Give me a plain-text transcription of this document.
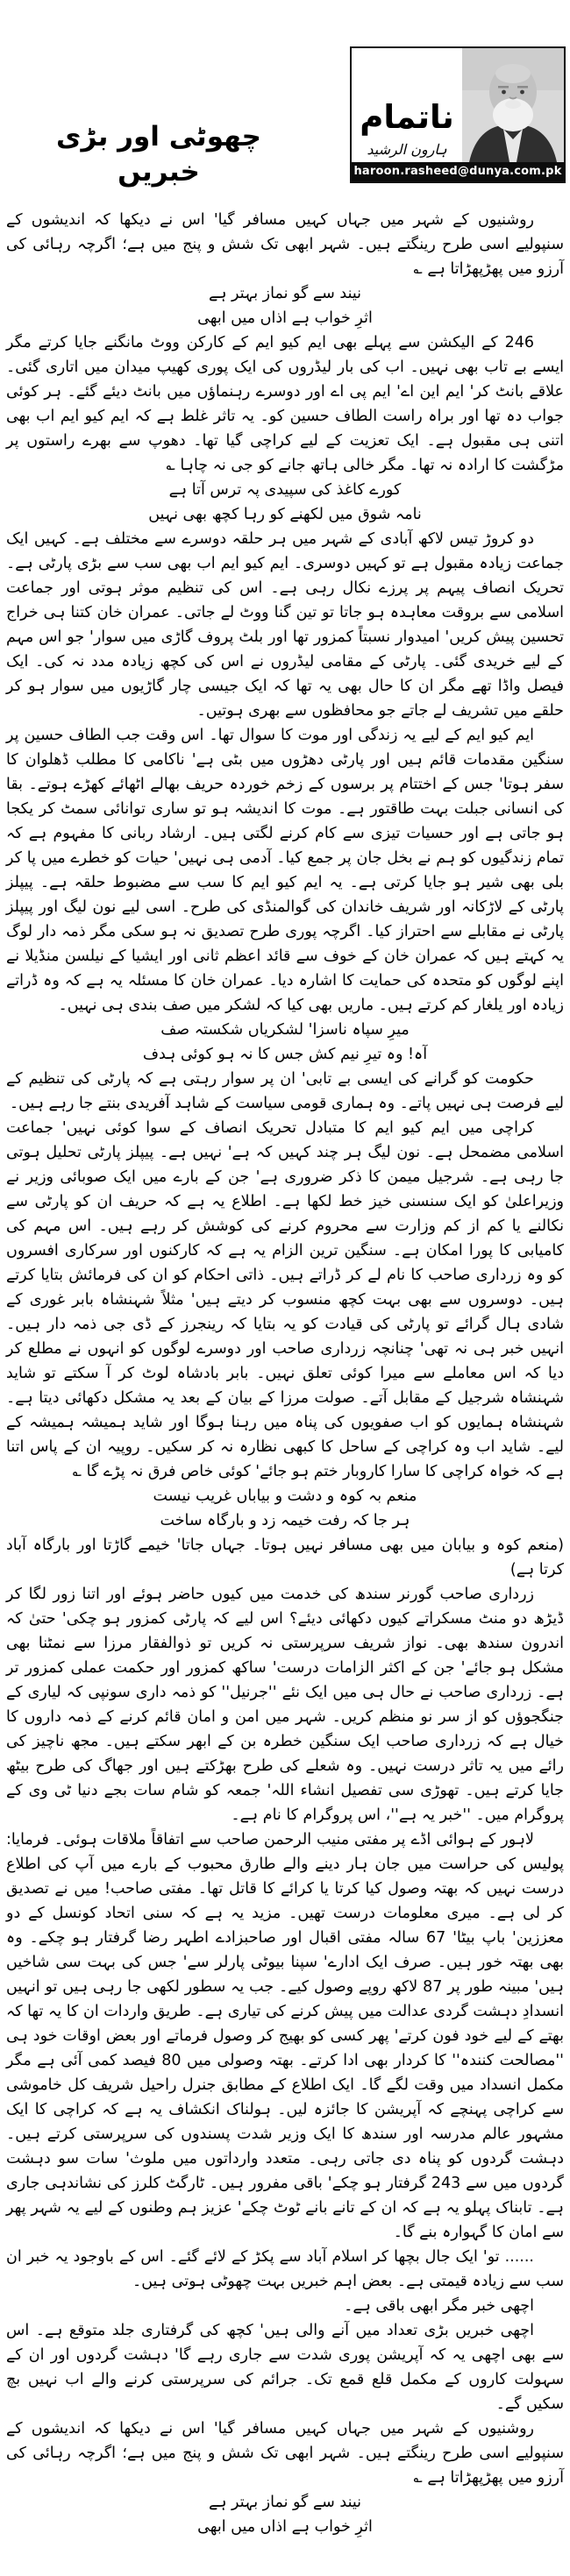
چھوٹی اور بڑی خبریں
ناتمام
ہارون الرشید
haroon.rasheed@dunya.com.pk

روشنیوں کے شہر میں جہاں کہیں مسافر گیا' اس نے دیکھا کہ اندیشوں کے سنپولیے اسی طرح رینگتے ہیں۔ شہر ابھی تک شش و پنج میں ہے؛ اگرچہ رہائی کی آرزو میں پھڑپھڑاتا ہے ؎

نیند سے گو نماز بہتر ہے
اثرِ خواب ہے اذاں میں ابھی

246 کے الیکشن سے پہلے بھی ایم کیو ایم کے کارکن ووٹ مانگنے جایا کرتے مگر ایسے بے تاب بھی نہیں۔ اب کی بار لیڈروں کی ایک پوری کھیپ میدان میں اتاری گئی۔ علاقے بانٹ کر' ایم این اے' ایم پی اے اور دوسرے رہنماؤں میں بانٹ دیئے گئے۔ ہر کوئی جواب دہ تھا اور براہ راست الطاف حسین کو۔ یہ تاثر غلط ہے کہ ایم کیو ایم اب بھی اتنی ہی مقبول ہے۔ ایک تعزیت کے لیے کراچی گیا تھا۔ دھوپ سے بھرے راستوں پر مڑگشت کا ارادہ نہ تھا۔ مگر خالی ہاتھ جانے کو جی نہ چاہا ؎

کورے کاغذ کی سپیدی پہ ترس آتا ہے
نامہ شوق میں لکھنے کو رہا کچھ بھی نہیں

دو کروڑ تیس لاکھ آبادی کے شہر میں ہر حلقہ دوسرے سے مختلف ہے۔ کہیں ایک جماعت زیادہ مقبول ہے تو کہیں دوسری۔ ایم کیو ایم اب بھی سب سے بڑی پارٹی ہے۔ تحریک انصاف پیہم پر پرزے نکال رہی ہے۔ اس کی تنظیم موثر ہوتی اور جماعت اسلامی سے بروقت معاہدہ ہو جاتا تو تین گنا ووٹ لے جاتی۔ عمران خان کتنا ہی خراج تحسین پیش کریں' امیدوار نسبتاً کمزور تھا اور بلٹ پروف گاڑی میں سوار' جو اس مہم کے لیے خریدی گئی۔ پارٹی کے مقامی لیڈروں نے اس کی کچھ زیادہ مدد نہ کی۔ ایک فیصل واڈا تھے مگر ان کا حال بھی یہ تھا کہ ایک جیسی چار گاڑیوں میں سوار ہو کر حلقے میں تشریف لے جاتے جو محافظوں سے بھری ہوتیں۔

ایم کیو ایم کے لیے یہ زندگی اور موت کا سوال تھا۔ اس وقت جب الطاف حسین پر سنگین مقدمات قائم ہیں اور پارٹی دھڑوں میں بٹی ہے' ناکامی کا مطلب ڈھلوان کا سفر ہوتا' جس کے اختتام پر برسوں کے زخم خوردہ حریف بھالے اٹھائے کھڑے ہوتے۔ بقا کی انسانی جبلت بہت طاقتور ہے۔ موت کا اندیشہ ہو تو ساری توانائی سمٹ کر یکجا ہو جاتی ہے اور حسیات تیزی سے کام کرنے لگتی ہیں۔ ارشاد ربانی کا مفہوم ہے کہ تمام زندگیوں کو ہم نے بخل جان پر جمع کیا۔ آدمی ہی نہیں' حیات کو خطرے میں پا کر بلی بھی شیر ہو جایا کرتی ہے۔ یہ ایم کیو ایم کا سب سے مضبوط حلقہ ہے۔ پیپلز پارٹی کے لاڑکانہ اور شریف خاندان کی گوالمنڈی کی طرح۔ اسی لیے نون لیگ اور پیپلز پارٹی نے مقابلے سے احتراز کیا۔ اگرچہ پوری طرح تصدیق نہ ہو سکی مگر ذمہ دار لوگ یہ کہتے ہیں کہ عمران خان کے خوف سے قائد اعظم ثانی اور ایشیا کے نیلسن منڈیلا نے اپنے لوگوں کو متحدہ کی حمایت کا اشارہ دیا۔ عمران خان کا مسئلہ یہ ہے کہ وہ ڈراتے زیادہ اور یلغار کم کرتے ہیں۔ ماریں بھی کیا کہ لشکر میں صف بندی ہی نہیں۔

میرِ سپاہ ناسزا' لشکریاں شکستہ صف
آہ! وہ تیرِ نیم کش جس کا نہ ہو کوئی ہدف

حکومت کو گرانے کی ایسی بے تابی' ان پر سوار رہتی ہے کہ پارٹی کی تنظیم کے لیے فرصت ہی نہیں پاتے۔ وہ ہماری قومی سیاست کے شاہد آفریدی بنتے جا رہے ہیں۔

کراچی میں ایم کیو ایم کا متبادل تحریک انصاف کے سوا کوئی نہیں' جماعت اسلامی مضمحل ہے۔ نون لیگ ہر چند کہیں کہ ہے' نہیں ہے۔ پیپلز پارٹی تحلیل ہوتی جا رہی ہے۔ شرجیل میمن کا ذکر ضروری ہے' جن کے بارے میں ایک صوبائی وزیر نے وزیراعلیٰ کو ایک سنسنی خیز خط لکھا ہے۔ اطلاع یہ ہے کہ حریف ان کو پارٹی سے نکالنے یا کم از کم وزارت سے محروم کرنے کی کوشش کر رہے ہیں۔ اس مہم کی کامیابی کا پورا امکان ہے۔ سنگین ترین الزام یہ ہے کہ کارکنوں اور سرکاری افسروں کو وہ زرداری صاحب کا نام لے کر ڈراتے ہیں۔ ذاتی احکام کو ان کی فرمائش بتایا کرتے ہیں۔ دوسروں سے بھی بہت کچھ منسوب کر دیتے ہیں' مثلاً شہنشاہ بابر غوری کے شادی ہال گرائے تو پارٹی کی قیادت کو یہ بتایا کہ رینجرز کے ڈی جی ذمہ دار ہیں۔ انہیں خبر ہی نہ تھی' چنانچہ زرداری صاحب اور دوسرے لوگوں کو انہوں نے مطلع کر دیا کہ اس معاملے سے میرا کوئی تعلق نہیں۔ بابر بادشاہ لوٹ کر آ سکتے تو شاید شہنشاہ شرجیل کے مقابل آتے۔ صولت مرزا کے بیان کے بعد یہ مشکل دکھائی دیتا ہے۔ شہنشاہ ہمایوں کو اب صفویوں کی پناہ میں رہنا ہوگا اور شاید ہمیشہ ہمیشہ کے لیے۔ شاید اب وہ کراچی کے ساحل کا کبھی نظارہ نہ کر سکیں۔ روپیہ ان کے پاس اتنا ہے کہ خواہ کراچی کا سارا کاروبار ختم ہو جائے' کوئی خاص فرق نہ پڑے گا ؎

منعم بہ کوہ و دشت و بیاباں غریب نیست
ہر جا کہ رفت خیمہ زد و بارگاہ ساخت

(منعم کوہ و بیابان میں بھی مسافر نہیں ہوتا۔ جہاں جاتا' خیمے گاڑتا اور بارگاہ آباد کرتا ہے)

زرداری صاحب گورنر سندھ کی خدمت میں کیوں حاضر ہوئے اور اتنا زور لگا کر ڈیڑھ دو منٹ مسکراتے کیوں دکھائی دیئے؟ اس لیے کہ پارٹی کمزور ہو چکی' حتیٰ کہ اندرون سندھ بھی۔ نواز شریف سرپرستی نہ کریں تو ذوالفقار مرزا سے نمٹنا بھی مشکل ہو جائے' جن کے اکثر الزامات درست' ساکھ کمزور اور حکمت عملی کمزور تر ہے۔ زرداری صاحب نے حال ہی میں ایک نئے ''جرنیل'' کو ذمہ داری سونپی کہ لیاری کے جنگجوؤں کو از سر نو منظم کریں۔ شہر میں امن و امان قائم کرنے کے ذمہ داروں کا خیال ہے کہ زرداری صاحب ایک سنگین خطرہ بن کے ابھر سکتے ہیں۔ مجھ ناچیز کی رائے میں یہ تاثر درست نہیں۔ وہ شعلے کی طرح بھڑکتے ہیں اور جھاگ کی طرح بیٹھ جایا کرتے ہیں۔ تھوڑی سی تفصیل انشاء اللہ' جمعہ کو شام سات بجے دنیا ٹی وی کے پروگرام میں۔ ''خبر یہ ہے''، اس پروگرام کا نام ہے۔

لاہور کے ہوائی اڈے پر مفتی منیب الرحمن صاحب سے اتفاقاً ملاقات ہوئی۔ فرمایا: پولیس کی حراست میں جان ہار دینے والے طارق محبوب کے بارے میں آپ کی اطلاع درست نہیں کہ بھتہ وصول کیا کرتا یا کرائے کا قاتل تھا۔ مفتی صاحب! میں نے تصدیق کر لی ہے۔ میری معلومات درست تھیں۔ مزید یہ ہے کہ سنی اتحاد کونسل کے دو معززین' باپ بیٹا' 67 سالہ مفتی اقبال اور صاحبزادے اطہر رضا گرفتار ہو چکے۔ وہ بھی بھتہ خور ہیں۔ صرف ایک ادارے' سپنا بیوٹی پارلر سے' جس کی بہت سی شاخیں ہیں' مبینہ طور پر 87 لاکھ روپے وصول کیے۔ جب یہ سطور لکھی جا رہی ہیں تو انہیں انسدادِ دہشت گردی عدالت میں پیش کرنے کی تیاری ہے۔ طریق واردات ان کا یہ تھا کہ بھتے کے لیے خود فون کرتے' پھر کسی کو بھیج کر وصول فرماتے اور بعض اوقات خود ہی ''مصالحت کنندہ'' کا کردار بھی ادا کرتے۔ بھتہ وصولی میں 80 فیصد کمی آئی ہے مگر مکمل انسداد میں وقت لگے گا۔ ایک اطلاع کے مطابق جنرل راحیل شریف کل خاموشی سے کراچی پہنچے کہ آپریشن کا جائزہ لیں۔ ہولناک انکشاف یہ ہے کہ کراچی کا ایک مشہور عالم مدرسہ اور سندھ کا ایک وزیر شدت پسندوں کی سرپرستی کرتے ہیں۔ دہشت گردوں کو پناہ دی جاتی رہی۔ متعدد وارداتوں میں ملوث' سات سو دہشت گردوں میں سے 243 گرفتار ہو چکے' باقی مفرور ہیں۔ ٹارگٹ کلرز کی نشاندہی جاری ہے۔ تابناک پہلو یہ ہے کہ ان کے تانے بانے ٹوٹ چکے' عزیز ہم وطنوں کے لیے یہ شہر پھر سے امان کا گہوارہ بنے گا۔

...... تو' ایک جال بچھا کر اسلام آباد سے پکڑ کے لائے گئے۔ اس کے باوجود یہ خبر ان سب سے زیادہ قیمتی ہے۔ بعض اہم خبریں بہت چھوٹی ہوتی ہیں۔

اچھی خبر مگر ابھی باقی ہے۔

اچھی خبریں بڑی تعداد میں آنے والی ہیں' کچھ کی گرفتاری جلد متوقع ہے۔ اس سے بھی اچھی یہ کہ آپریشن پوری شدت سے جاری رہے گا' دہشت گردوں اور ان کے سہولت کاروں کے مکمل قلع قمع تک۔ جرائم کی سرپرستی کرنے والے اب نہیں بچ سکیں گے۔

روشنیوں کے شہر میں جہاں کہیں مسافر گیا' اس نے دیکھا کہ اندیشوں کے سنپولیے اسی طرح رینگتے ہیں۔ شہر ابھی تک شش و پنج میں ہے؛ اگرچہ رہائی کی آرزو میں پھڑپھڑاتا ہے ؎

نیند سے گو نماز بہتر ہے
اثرِ خواب ہے اذاں میں ابھی
